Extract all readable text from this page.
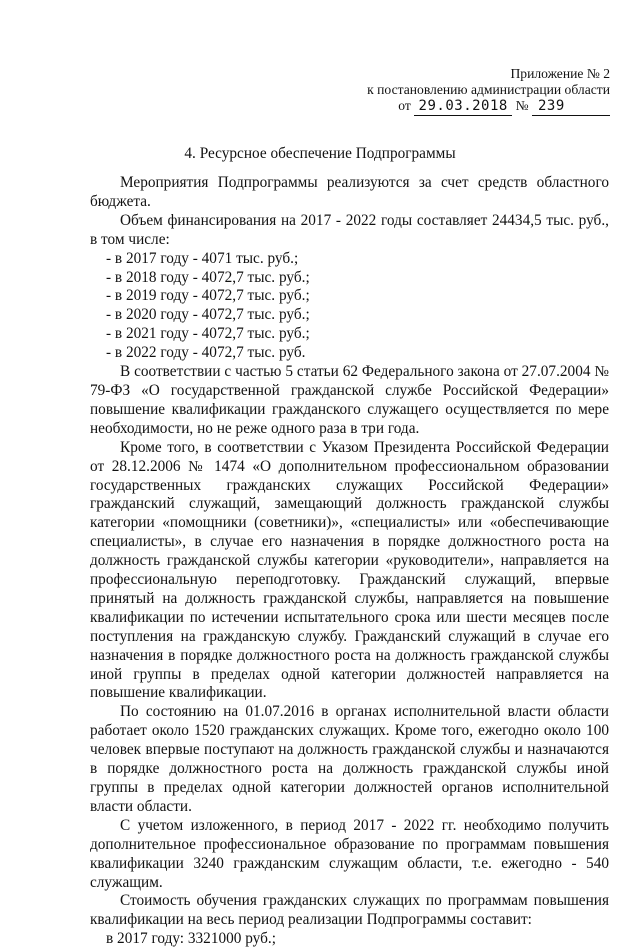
Приложение № 2
к постановлению администрации области
от 29.03.2018 № 239
4. Ресурсное обеспечение Подпрограммы

Мероприятия Подпрограммы реализуются за счет средств областного бюджета.

Объем финансирования на 2017 - 2022 годы составляет 24434,5 тыс. руб., в том числе:

- в 2017 году - 4071 тыс. руб.;

- в 2018 году - 4072,7 тыс. руб.;

- в 2019 году - 4072,7 тыс. руб.;

- в 2020 году - 4072,7 тыс. руб.;

- в 2021 году - 4072,7 тыс. руб.;

- в 2022 году - 4072,7 тыс. руб.

В соответствии с частью 5 статьи 62 Федерального закона от 27.07.2004 № 79-ФЗ «О государственной гражданской службе Российской Федерации» повышение квалификации гражданского служащего осуществляется по мере необходимости, но не реже одного раза в три года.

Кроме того, в соответствии с Указом Президента Российской Федерации от 28.12.2006 № 1474 «О дополнительном профессиональном образовании государственных гражданских служащих Российской Федерации» гражданский служащий, замещающий должность гражданской службы категории «помощники (советники)», «специалисты» или «обеспечивающие специалисты», в случае его назначения в порядке должностного роста на должность гражданской службы категории «руководители», направляется на профессиональную переподготовку. Гражданский служащий, впервые принятый на должность гражданской службы, направляется на повышение квалификации по истечении испытательного срока или шести месяцев после поступления на гражданскую службу. Гражданский служащий в случае его назначения в порядке должностного роста на должность гражданской службы иной группы в пределах одной категории должностей направляется на повышение квалификации.

По состоянию на 01.07.2016 в органах исполнительной власти области работает около 1520 гражданских служащих. Кроме того, ежегодно около 100 человек впервые поступают на должность гражданской службы и назначаются в порядке должностного роста на должность гражданской службы иной группы в пределах одной категории должностей органов исполнительной власти области.

С учетом изложенного, в период 2017 - 2022 гг. необходимо получить дополнительное профессиональное образование по программам повышения квалификации 3240 гражданским служащим области, т.е. ежегодно - 540 служащим.

Стоимость обучения гражданских служащих по программам повышения квалификации на весь период реализации Подпрограммы составит:

в 2017 году: 3321000 руб.;
